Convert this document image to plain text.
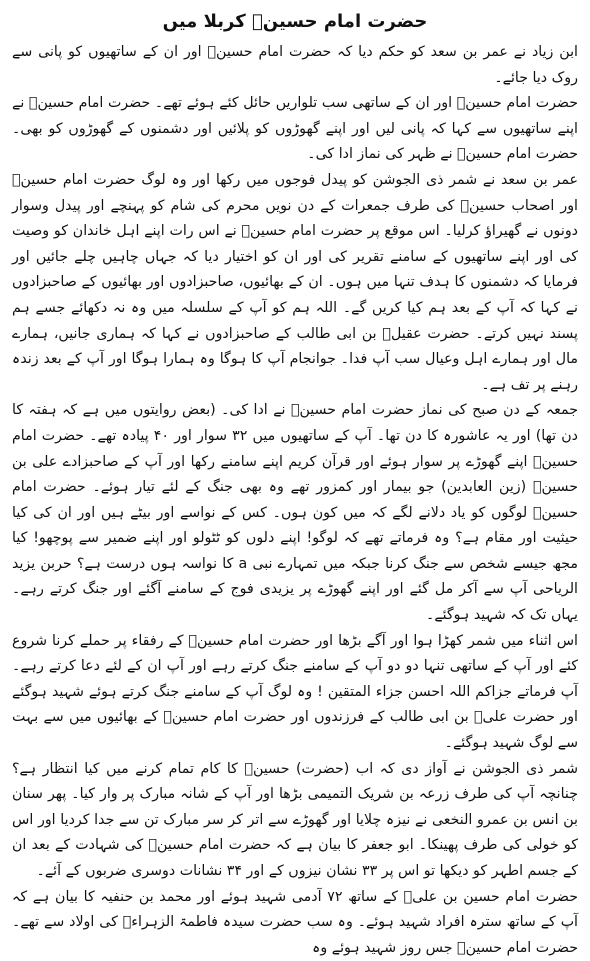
حضرت امام حسینؓ کربلا میں

ابن زیاد نے عمر بن سعد کو حکم دیا کہ حضرت امام حسینؓ اور ان کے ساتھیوں کو پانی سے روک دیا جائے۔

حضرت امام حسینؓ اور ان کے ساتھی سب تلواریں حائل کئے ہوئے تھے۔ حضرت امام حسینؓ نے اپنے ساتھیوں سے کہا کہ پانی لیں اور اپنے گھوڑوں کو پلائیں اور دشمنوں کے گھوڑوں کو بھی۔ حضرت امام حسینؓ نے ظہر کی نماز ادا کی۔

عمر بن سعد نے شمر ذی الجوشن کو پیدل فوجوں میں رکھا اور وہ لوگ حضرت امام حسینؓ اور اصحاب حسینؓ کی طرف جمعرات کے دن نویں محرم کی شام کو پہنچے اور پیدل وسوار دونوں نے گھیراؤ کرلیا۔ اس موقع پر حضرت امام حسینؓ نے اس رات اپنے اہل خاندان کو وصیت کی اور اپنے ساتھیوں کے سامنے تقریر کی اور ان کو اختیار دیا کہ جہاں چاہیں چلے جائیں اور فرمایا کہ دشمنوں کا ہدف تنہا میں ہوں۔ ان کے بھائیوں، صاحبزادوں اور بھائیوں کے صاحبزادوں نے کہا کہ آپ کے بعد ہم کیا کریں گے۔ اللہ ہم کو آپ کے سلسلہ میں وہ نہ دکھائے جسے ہم پسند نہیں کرتے۔ حضرت عقیلؓ بن ابی طالب کے صاحبزادوں نے کہا کہ ہماری جانیں، ہمارے مال اور ہمارے اہل وعیال سب آپ فدا۔ جوانجام آپ کا ہوگا وہ ہمارا ہوگا اور آپ کے بعد زندہ رہنے پر تف ہے۔

جمعہ کے دن صبح کی نماز حضرت امام حسینؓ نے ادا کی۔ (بعض روایتوں میں ہے کہ ہفتہ کا دن تھا) اور یہ عاشورہ کا دن تھا۔ آپ کے ساتھیوں میں ۳۲ سوار اور ۴۰ پیادہ تھے۔ حضرت امام حسینؓ اپنے گھوڑے پر سوار ہوئے اور قرآن کریم اپنے سامنے رکھا اور آپ کے صاحبزادے علی بن حسینؓ (زین العابدین) جو بیمار اور کمزور تھے وہ بھی جنگ کے لئے تیار ہوئے۔ حضرت امام حسینؓ لوگوں کو یاد دلانے لگے کہ میں کون ہوں۔ کس کے نواسے اور بیٹے ہیں اور ان کی کیا حیثیت اور مقام ہے؟ وہ فرماتے تھے کہ لوگو! اپنے دلوں کو ٹٹولو اور اپنے ضمیر سے پوچھو! کیا مجھ جیسے شخص سے جنگ کرنا جبکہ میں تمہارے نبی a کا نواسہ ہوں درست ہے؟ حربن یزید الریاحی آپ سے آکر مل گئے اور اپنے گھوڑے پر یزیدی فوج کے سامنے آگئے اور جنگ کرتے رہے۔ یہاں تک کہ شہید ہوگئے۔

اس اثناء میں شمر کھڑا ہوا اور آگے بڑھا اور حضرت امام حسینؓ کے رفقاء پر حملے کرنا شروع کئے اور آپ کے ساتھی تنہا دو دو آپ کے سامنے جنگ کرتے رہے اور آپ ان کے لئے دعا کرتے رہے۔ آپ فرماتے جزاکم اللہ احسن جزاء المتقین ! وہ لوگ آپ کے سامنے جنگ کرتے ہوئے شہید ہوگئے اور حضرت علیؓ بن ابی طالب کے فرزندوں اور حضرت امام حسینؓ کے بھائیوں میں سے بہت سے لوگ شہید ہوگئے۔

شمر ذی الجوشن نے آواز دی کہ اب (حضرت) حسینؓ کا کام تمام کرنے میں کیا انتظار ہے؟ چنانچہ آپ کی طرف زرعہ بن شریک التمیمی بڑھا اور آپ کے شانہ مبارک پر وار کیا۔ پھر سنان بن انس بن عمرو النخعی نے نیزہ چلایا اور گھوڑے سے اتر کر سر مبارک تن سے جدا کردیا اور اس کو خولی کی طرف پھینکا۔ ابو جعفر کا بیان ہے کہ حضرت امام حسینؓ کی شہادت کے بعد ان کے جسم اطہر کو دیکھا تو اس پر ۳۳ نشان نیزوں کے اور ۳۴ نشانات دوسری ضربوں کے آئے۔

حضرت امام حسین بن علیؓ کے ساتھ ۷۲ آدمی شہید ہوئے اور محمد بن حنفیہ کا بیان ہے کہ آپ کے ساتھ سترہ افراد شہید ہوئے۔ وہ سب حضرت سیدہ فاطمۃ الزہراءؓ کی اولاد سے تھے۔ حضرت امام حسینؓ جس روز شہید ہوئے وہ
